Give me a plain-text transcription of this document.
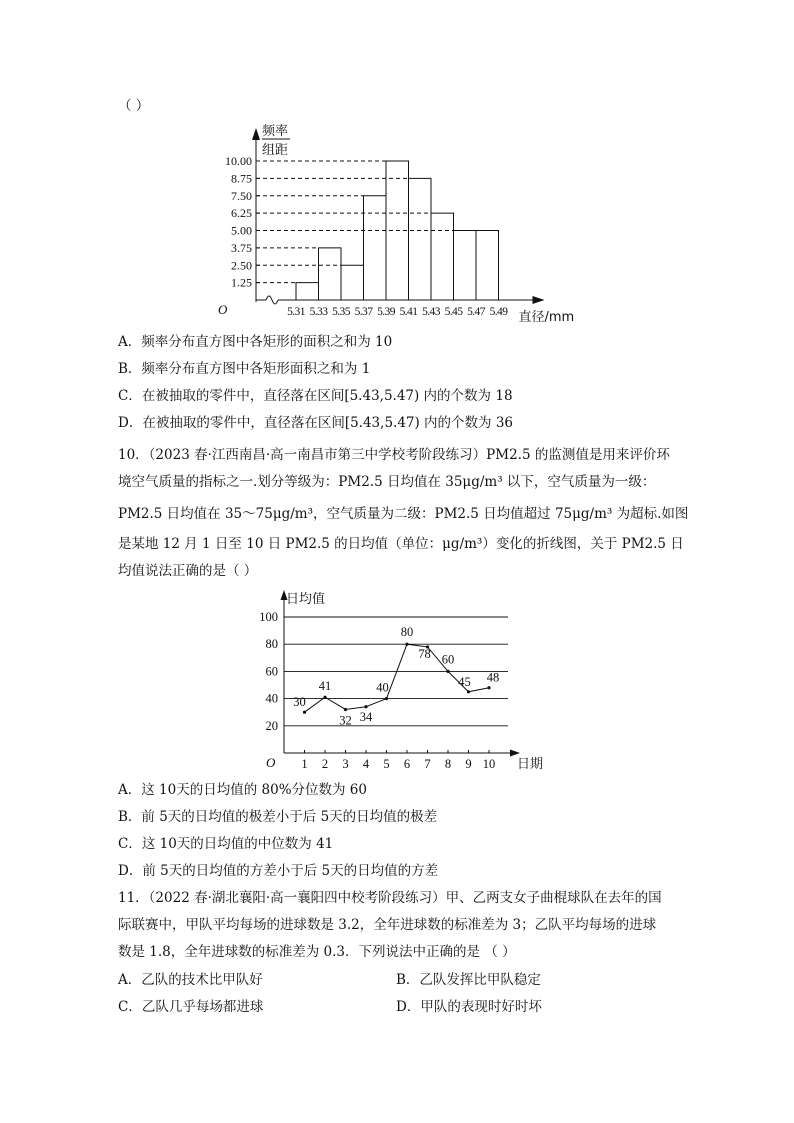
（ ）
频率
组距
O
直径/mm
1.25
2.50
3.75
5.00
6.25
7.50
8.75
10.00
5.31 5.33 5.35 5.37 5.39 5.41 5.43 5.45 5.47 5.49
A．频率分布直方图中各矩形的面积之和为 10
B．频率分布直方图中各矩形面积之和为 1
C．在被抽取的零件中，直径落在区间[5.43,5.47) 内的个数为 18
D．在被抽取的零件中，直径落在区间[5.43,5.47) 内的个数为 36
10．（2023 春·江西南昌·高一南昌市第三中学校考阶段练习）PM2.5 的监测值是用来评价环
境空气质量的指标之一.划分等级为：PM2.5 日均值在 35μg/m³ 以下，空气质量为一级：
PM2.5 日均值在 35～75μg/m³，空气质量为二级：PM2.5 日均值超过 75μg/m³ 为超标.如图
是某地 12 月 1 日至 10 日 PM2.5 的日均值（单位：μg/m³）变化的折线图，关于 PM2.5 日
均值说法正确的是（ ）
日均值
O	日期
20
40
60
80
100
1 2 3 4 5 6 7 8 9 10
30
41
32 34
40
80
78 60
45 48
A．这 10天的日均值的 80%分位数为 60
B．前 5天的日均值的极差小于后 5天的日均值的极差
C．这 10天的日均值的中位数为 41
D．前 5天的日均值的方差小于后 5天的日均值的方差
11．（2022 春·湖北襄阳·高一襄阳四中校考阶段练习）甲、乙两支女子曲棍球队在去年的国
际联赛中，甲队平均每场的进球数是 3.2，全年进球数的标准差为 3；乙队平均每场的进球
数是 1.8，全年进球数的标准差为 0.3．下列说法中正确的是 （ ）
A．乙队的技术比甲队好	B．乙队发挥比甲队稳定
C．乙队几乎每场都进球	D．甲队的表现时好时坏
